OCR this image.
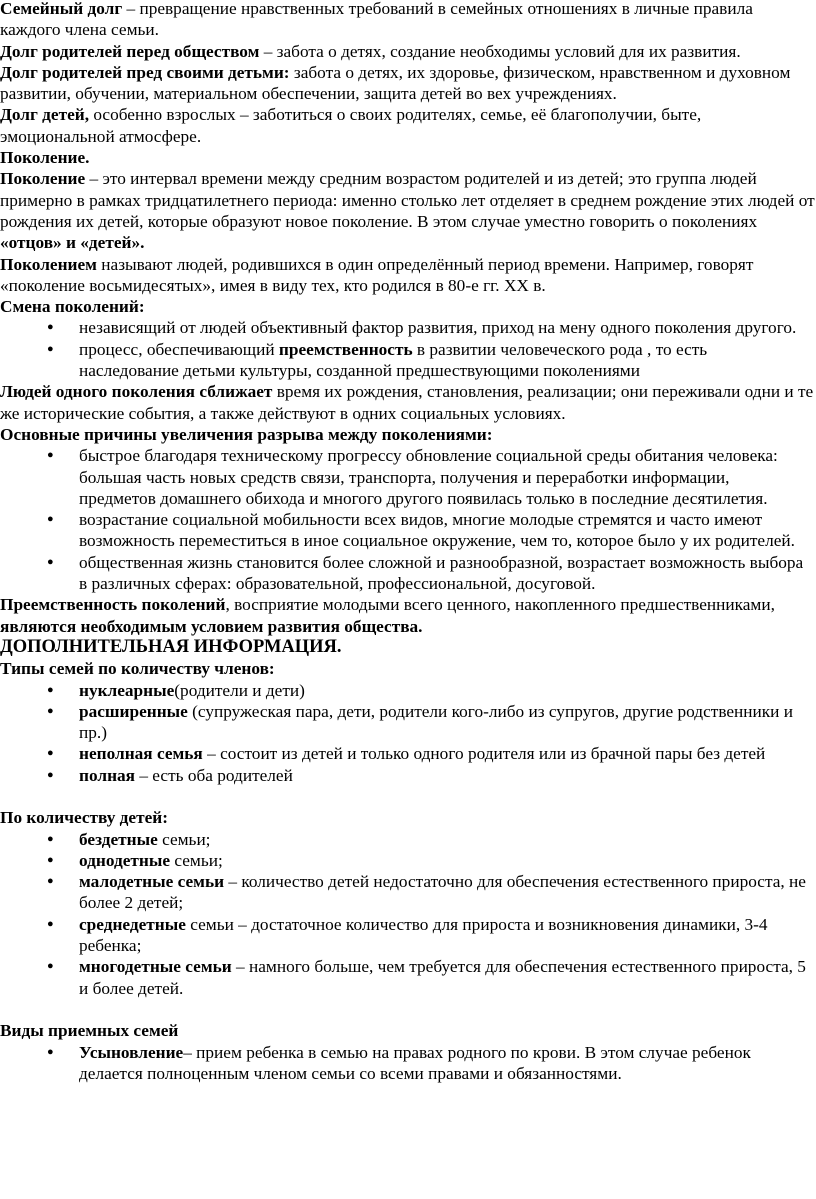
Семейный долг – превращение нравственных требований в семейных отношениях в личные правила каждого члена семьи.

Долг родителей перед обществом – забота о детях, создание необходимы условий для их развития.

Долг родителей пред своими детьми: забота о детях, их здоровье, физическом, нравственном и духовном развитии, обучении, материальном обеспечении, защита детей во вех учреждениях.

Долг детей, особенно взрослых – заботиться о своих родителях, семье, её благополучии, быте, эмоциональной атмосфере.

Поколение.

Поколение – это интервал времени между средним возрастом родителей и из детей; это группа людей примерно в рамках тридцатилетнего периода: именно столько лет отделяет в среднем рождение этих людей от рождения их детей, которые образуют новое поколение. В этом случае уместно говорить о поколениях «отцов» и «детей».

Поколением называют людей, родившихся в один определённый период времени. Например, говорят «поколение восьмидесятых», имея в виду тех, кто родился в 80-е гг. XX в.

Смена поколений:

● независящий от людей объективный фактор развития, приход на мену одного поколения другого.
● процесс, обеспечивающий преемственность в развитии человеческого рода , то есть наследование детьми культуры, созданной предшествующими поколениями

Людей одного поколения сближает время их рождения, становления, реализации; они переживали одни и те же исторические события, а также действуют в одних социальных условиях.

Основные причины увеличения разрыва между поколениями:

● быстрое благодаря техническому прогрессу обновление социальной среды обитания человека: большая часть новых средств связи, транспорта, получения и переработки информации, предметов домашнего обихода и многого другого появилась только в последние десятилетия.
● возрастание социальной мобильности всех видов, многие молодые стремятся и часто имеют возможность переместиться в иное социальное окружение, чем то, которое было у их родителей.
● общественная жизнь становится более сложной и разнообразной, возрастает возможность выбора в различных сферах: образовательной, профессиональной, досуговой.

Преемственность поколений, восприятие молодыми всего ценного, накопленного предшественниками, являются необходимым условием развития общества.

ДОПОЛНИТЕЛЬНАЯ ИНФОРМАЦИЯ.

Типы семей по количеству членов:

● нуклеарные(родители и дети)
● расширенные (супружеская пара, дети, родители кого-либо из супругов, другие родственники и пр.)
● неполная семья – состоит из детей и только одного родителя или из брачной пары без детей
● полная – есть оба родителей

По количеству детей:

● бездетные семьи;
● однодетные семьи;
● малодетные семьи – количество детей недостаточно для обеспечения естественного прироста, не более 2 детей;
● среднедетные семьи – достаточное количество для прироста и возникновения динамики, 3-4 ребенка;
● многодетные семьи – намного больше, чем требуется для обеспечения естественного прироста, 5 и более детей.

Виды приемных семей

● Усыновление– прием ребенка в семью на правах родного по крови. В этом случае ребенок делается полноценным членом семьи со всеми правами и обязанностями.
